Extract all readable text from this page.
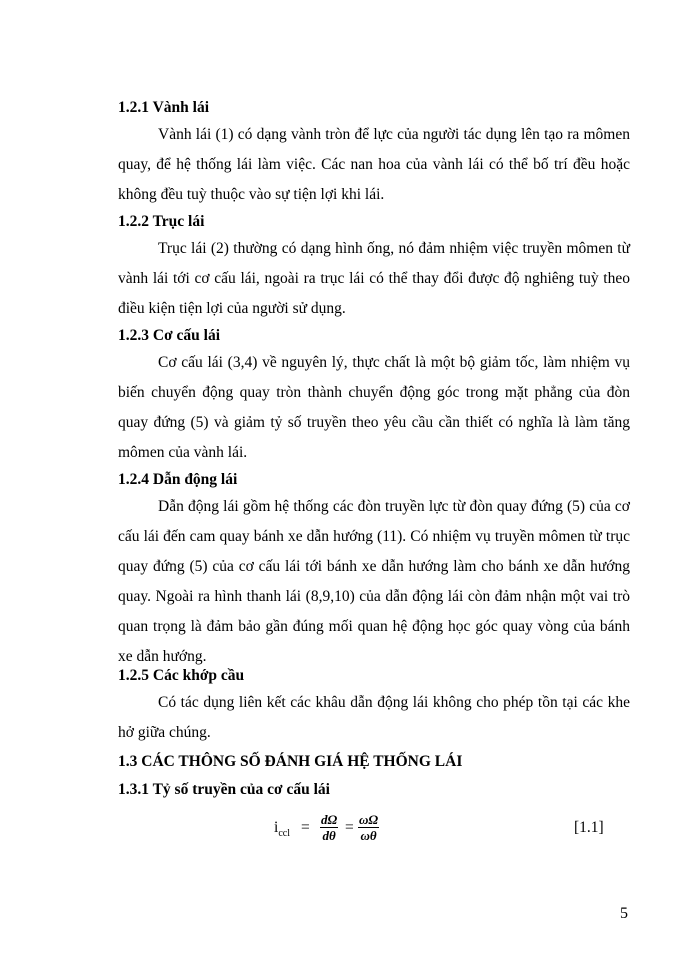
1.2.1 Vành lái

Vành lái (1) có dạng vành tròn để lực của người tác dụng lên tạo ra mômen quay, để hệ thống lái làm việc. Các nan hoa của vành lái có thể bố trí đều hoặc không đều tuỳ thuộc vào sự tiện lợi khi lái.

1.2.2 Trục lái

Trục lái (2) thường có dạng hình ống, nó đảm nhiệm việc truyền mômen từ vành lái tới cơ cấu lái, ngoài ra trục lái có thể thay đổi được độ nghiêng tuỳ theo điều kiện tiện lợi của người sử dụng.

1.2.3 Cơ cấu lái

Cơ cấu lái (3,4) về nguyên lý, thực chất là một bộ giảm tốc, làm nhiệm vụ biến chuyển động quay tròn thành chuyển động góc trong mặt phẳng của đòn quay đứng (5) và giảm tỷ số truyền theo yêu cầu cần thiết có nghĩa là làm tăng mômen của vành lái.

1.2.4 Dẫn động lái

Dẫn động lái gồm hệ thống các đòn truyền lực từ đòn quay đứng (5) của cơ cấu lái đến cam quay bánh xe dẫn hướng (11). Có nhiệm vụ truyền mômen từ trục quay đứng (5) của cơ cấu lái tới bánh xe dẫn hướng làm cho bánh xe dẫn hướng quay. Ngoài ra hình thanh lái (8,9,10) của dẫn động lái còn đảm nhận một vai trò quan trọng là đảm bảo gần đúng mối quan hệ động học góc quay vòng của bánh xe dẫn hướng.

1.2.5 Các khớp cầu

Có tác dụng liên kết các khâu dẫn động lái không cho phép tồn tại các khe hở giữa chúng.

1.3 CÁC THÔNG SỐ ĐÁNH GIÁ HỆ THỐNG LÁI
1.3.1 Tỷ số truyền của cơ cấu lái
$i_{ccl} = \frac{d\Omega}{d\theta} = \frac{\omega\Omega}{\omega\theta}$	[1.1]
5
